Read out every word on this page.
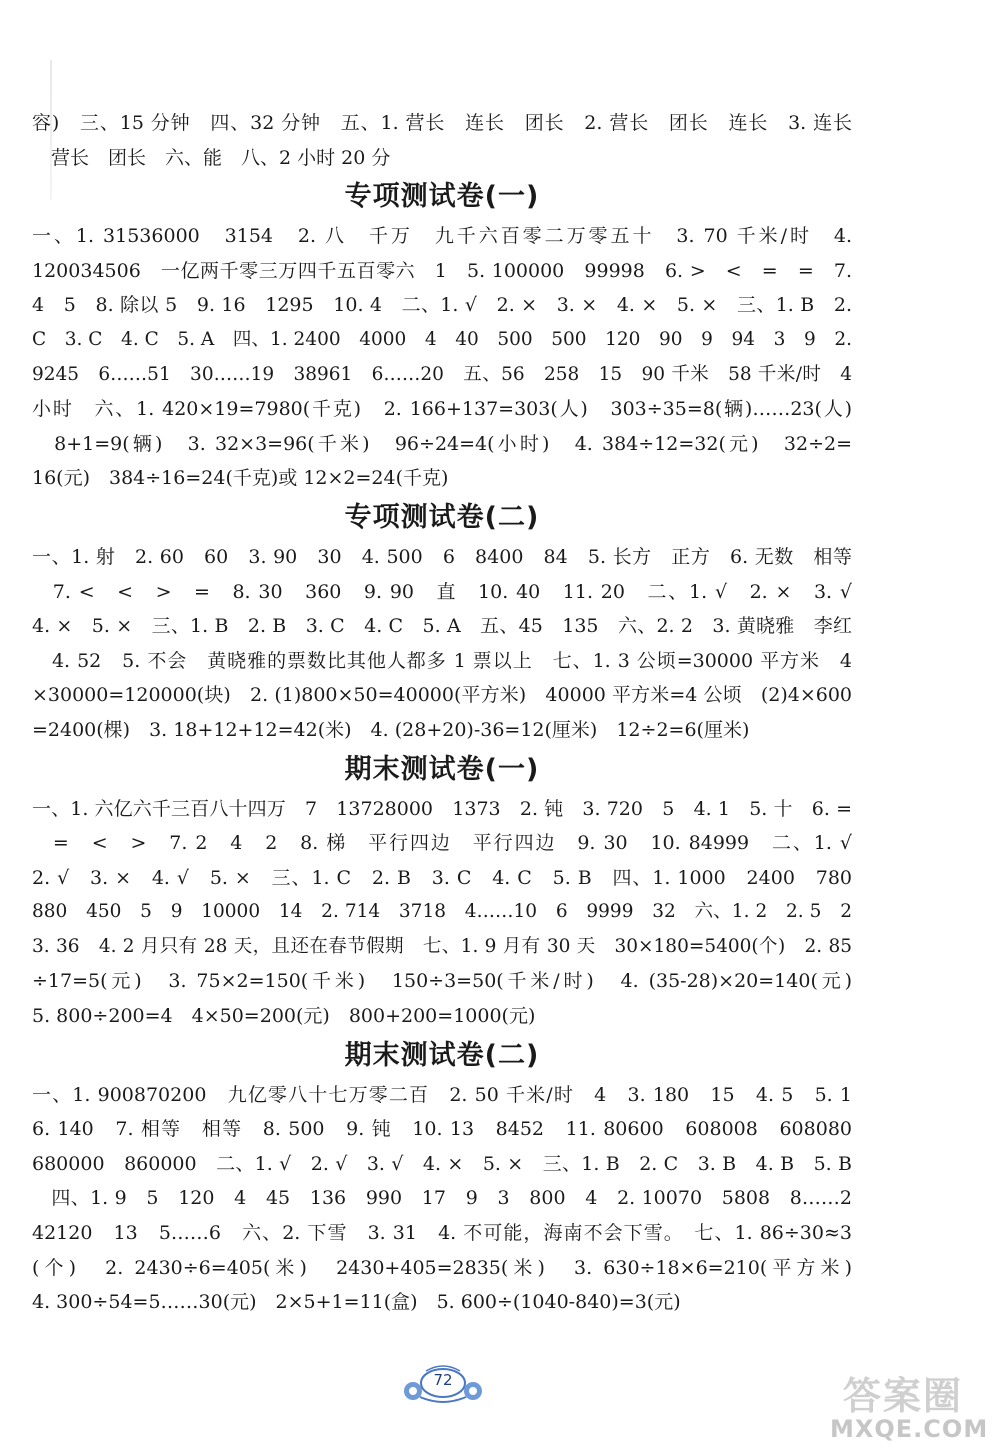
容)　三、15 分钟　四、32 分钟　五、1. 营长　连长　团长　2. 营长　团长　连长　3. 连长
　营长　团长　六、能　八、2 小时 20 分
专项测试卷(一)
一、1. 31536000　3154　2. 八　千万　九千六百零二万零五十　3. 70 千米/时　4.
120034506　一亿两千零三万四千五百零六　1　5. 100000　99998　6. >　<　=　=　7.
4　5　8. 除以 5　9. 16　1295　10. 4　二、1. √　2. ×　3. ×　4. ×　5. ×　三、1. B　2.
C　3. C　4. C　5. A　四、1. 2400　4000　4　40　500　500　120　90　9　94　3　9　2.
9245　6……51　30……19　38961　6……20　五、56　258　15　90 千米　58 千米/时　4
小时　六、1. 420×19=7980(千克)　2. 166+137=303(人)　303÷35=8(辆)……23(人)
　8+1=9(辆)　3. 32×3=96(千米)　96÷24=4(小时)　4. 384÷12=32(元)　32÷2=
16(元)　384÷16=24(千克)或 12×2=24(千克)
专项测试卷(二)
一、1. 射　2. 60　60　3. 90　30　4. 500　6　8400　84　5. 长方　正方　6. 无数　相等
　7. <　<　>　=　8. 30　360　9. 90　直　10. 40　11. 20　二、1. √　2. ×　3. √
4. ×　5. ×　三、1. B　2. B　3. C　4. C　5. A　五、45　135　六、2. 2　3. 黄晓雅　李红
　4. 52　5. 不会　黄晓雅的票数比其他人都多 1 票以上　七、1. 3 公顷=30000 平方米　4
×30000=120000(块)　2. (1)800×50=40000(平方米)　40000 平方米=4 公顷　(2)4×600
=2400(棵)　3. 18+12+12=42(米)　4. (28+20)-36=12(厘米)　12÷2=6(厘米)
期末测试卷(一)
一、1. 六亿六千三百八十四万　7　13728000　1373　2. 钝　3. 720　5　4. 1　5. 十　6. =
　=　<　>　7. 2　4　2　8. 梯　平行四边　平行四边　9. 30　10. 84999　二、1. √
2. √　3. ×　4. √　5. ×　三、1. C　2. B　3. C　4. C　5. B　四、1. 1000　2400　780
880　450　5　9　10000　14　2. 714　3718　4……10　6　9999　32　六、1. 2　2. 5　2
3. 36　4. 2 月只有 28 天，且还在春节假期　七、1. 9 月有 30 天　30×180=5400(个)　2. 85
÷17=5(元)　3. 75×2=150(千米)　150÷3=50(千米/时)　4. (35-28)×20=140(元)
5. 800÷200=4　4×50=200(元)　800+200=1000(元)
期末测试卷(二)
一、1. 900870200　九亿零八十七万零二百　2. 50 千米/时　4　3. 180　15　4. 5　5. 1
6. 140　7. 相等　相等　8. 500　9. 钝　10. 13　8452　11. 80600　608008　608080
680000　860000　二、1. √　2. √　3. √　4. ×　5. ×　三、1. B　2. C　3. B　4. B　5. B
　四、1. 9　5　120　4　45　136　990　17　9　3　800　4　2. 10070　5808　8……2
42120　13　5……6　六、2. 下雪　3. 31　4. 不可能，海南不会下雪。　七、1. 86÷30≈3
(个)　2. 2430÷6=405(米)　2430+405=2835(米)　3. 630÷18×6=210(平方米)
4. 300÷54=5……30(元)　2×5+1=11(盒)　5. 600÷(1040-840)=3(元)
72	答案圈
MXQE.COM
